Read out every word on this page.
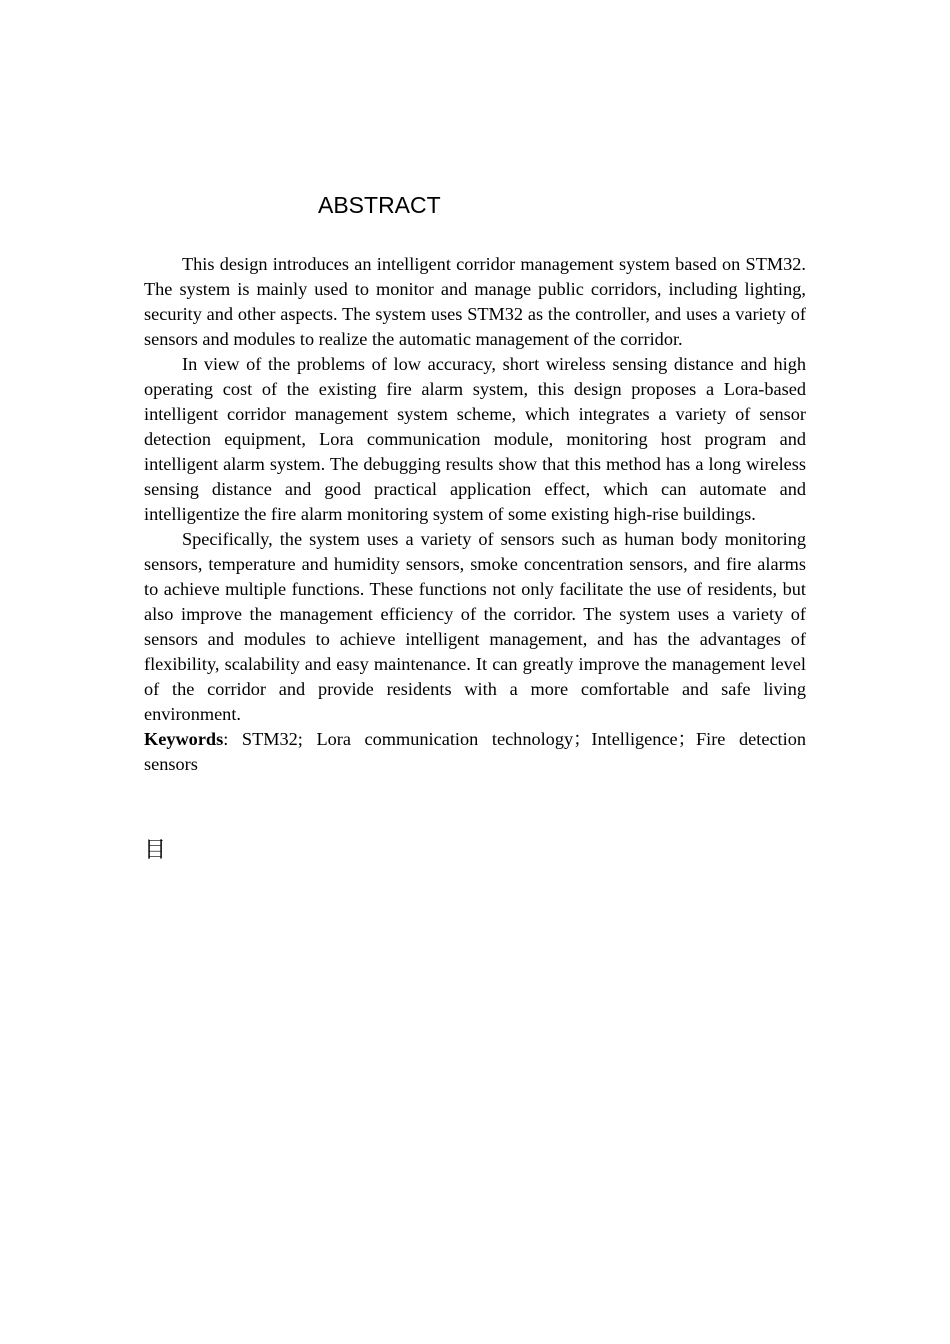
ABSTRACT

This design introduces an intelligent corridor management system based on STM32. The system is mainly used to monitor and manage public corridors, including lighting, security and other aspects. The system uses STM32 as the controller, and uses a variety of sensors and modules to realize the automatic management of the corridor.

In view of the problems of low accuracy, short wireless sensing distance and high operating cost of the existing fire alarm system, this design proposes a Lora-based intelligent corridor management system scheme, which integrates a variety of sensor detection equipment, Lora communication module, monitoring host program and intelligent alarm system. The debugging results show that this method has a long wireless sensing distance and good practical application effect, which can automate and intelligentize the fire alarm monitoring system of some existing high-rise buildings.

Specifically, the system uses a variety of sensors such as human body monitoring sensors, temperature and humidity sensors, smoke concentration sensors, and fire alarms to achieve multiple functions. These functions not only facilitate the use of residents, but also improve the management efficiency of the corridor. The system uses a variety of sensors and modules to achieve intelligent management, and has the advantages of flexibility, scalability and easy maintenance. It can greatly improve the management level of the corridor and provide residents with a more comfortable and safe living environment.

Keywords: STM32; Lora communication technology；Intelligence；Fire detection sensors

目
